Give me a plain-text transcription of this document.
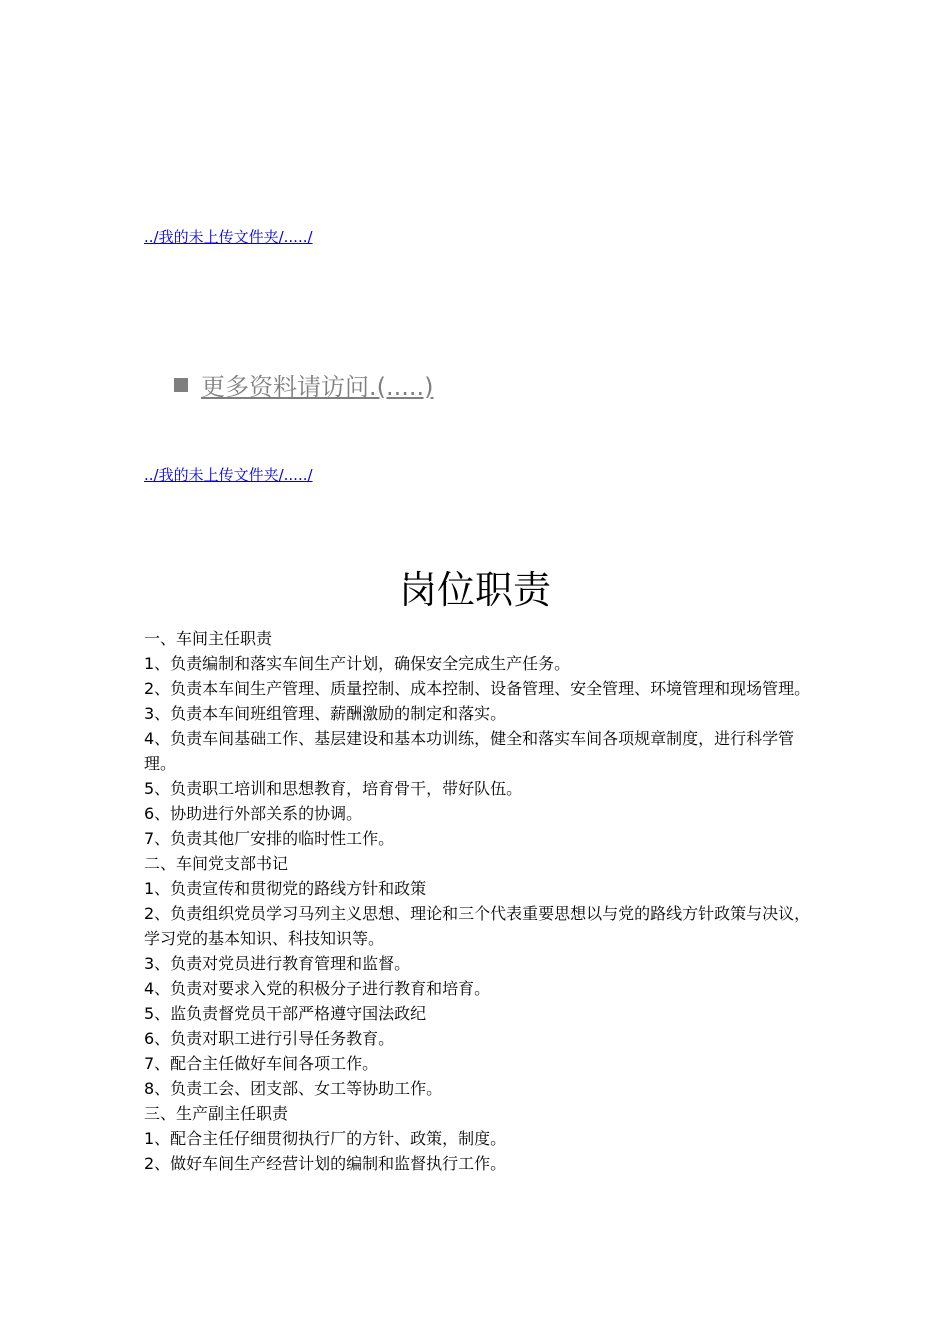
../我的未上传文件夹/...../
更多资料请访问.(.....)
../我的未上传文件夹/...../
岗位职责

一、车间主任职责

1、负责编制和落实车间生产计划，确保安全完成生产任务。

2、负责本车间生产管理、质量控制、成本控制、设备管理、安全管理、环境管理和现场管理。

3、负责本车间班组管理、薪酬激励的制定和落实。

4、负责车间基础工作、基层建设和基本功训练，健全和落实车间各项规章制度，进行科学管理。

5、负责职工培训和思想教育，培育骨干，带好队伍。

6、协助进行外部关系的协调。

7、负责其他厂安排的临时性工作。

二、车间党支部书记

1、负责宣传和贯彻党的路线方针和政策

2、负责组织党员学习马列主义思想、理论和三个代表重要思想以与党的路线方针政策与决议，学习党的基本知识、科技知识等。

3、负责对党员进行教育管理和监督。

4、负责对要求入党的积极分子进行教育和培育。

5、监负责督党员干部严格遵守国法政纪

6、负责对职工进行引导任务教育。

7、配合主任做好车间各项工作。

8、负责工会、团支部、女工等协助工作。

三、生产副主任职责

1、配合主任仔细贯彻执行厂的方针、政策，制度。

2、做好车间生产经营计划的编制和监督执行工作。
